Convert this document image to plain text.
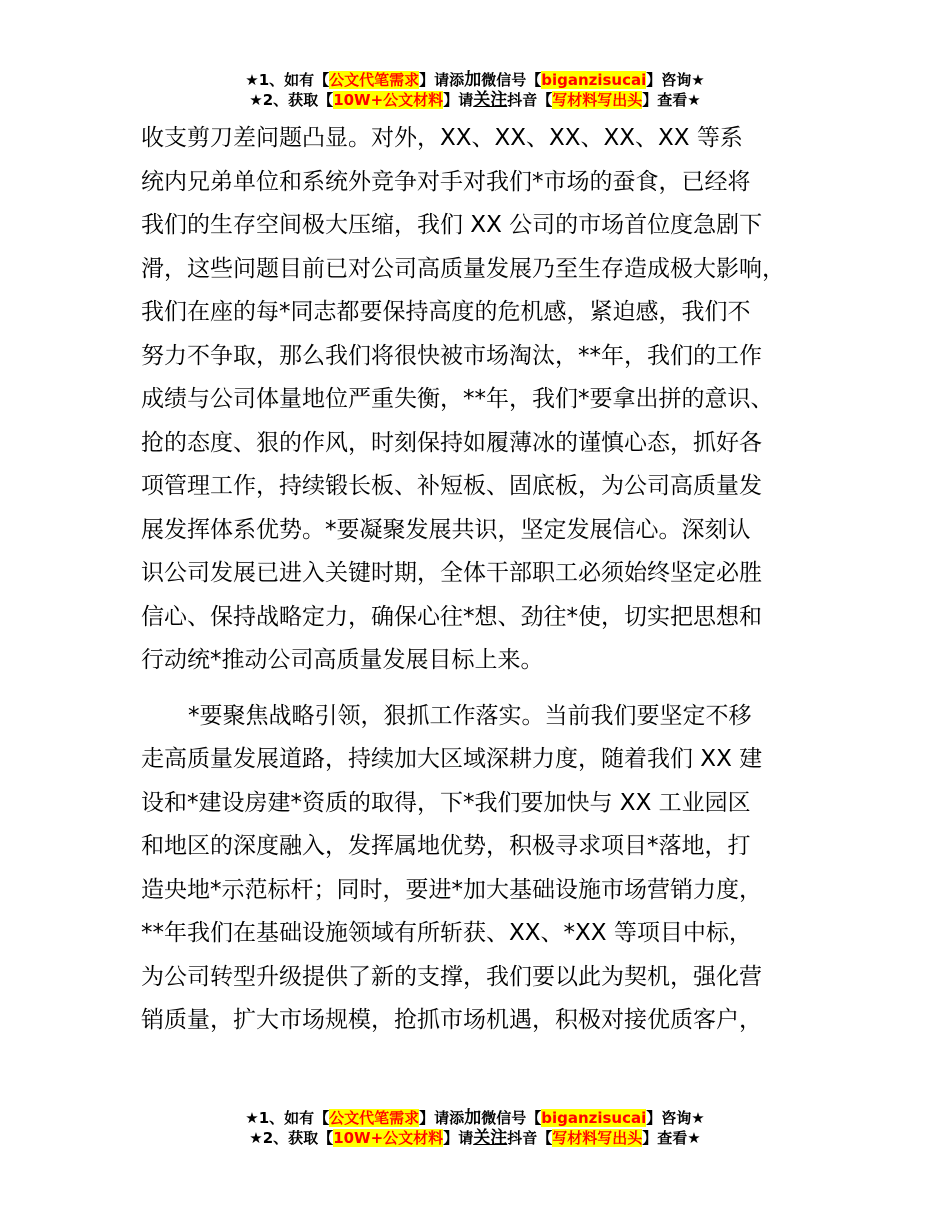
★1、如有【公文代笔需求】请添加微信号【biganzisucai】咨询★
★2、获取【10W+公文材料】请关注抖音【写材料写出头】查看★

收支剪刀差问题凸显。对外，XX、XX、XX、XX、XX 等系
统内兄弟单位和系统外竞争对手对我们*市场的蚕食，已经将
我们的生存空间极大压缩，我们 XX 公司的市场首位度急剧下
滑，这些问题目前已对公司高质量发展乃至生存造成极大影响，
我们在座的每*同志都要保持高度的危机感，紧迫感，我们不
努力不争取，那么我们将很快被市场淘汰，**年，我们的工作
成绩与公司体量地位严重失衡，**年，我们*要拿出拼的意识、
抢的态度、狠的作风，时刻保持如履薄冰的谨慎心态，抓好各
项管理工作，持续锻长板、补短板、固底板，为公司高质量发
展发挥体系优势。*要凝聚发展共识，坚定发展信心。深刻认
识公司发展已进入关键时期，全体干部职工必须始终坚定必胜
信心、保持战略定力，确保心往*想、劲往*使，切实把思想和
行动统*推动公司高质量发展目标上来。

*要聚焦战略引领，狠抓工作落实。当前我们要坚定不移
走高质量发展道路，持续加大区域深耕力度，随着我们 XX 建
设和*建设房建*资质的取得，下*我们要加快与 XX 工业园区
和地区的深度融入，发挥属地优势，积极寻求项目*落地，打
造央地*示范标杆；同时，要进*加大基础设施市场营销力度，
**年我们在基础设施领域有所斩获、XX、*XX 等项目中标，
为公司转型升级提供了新的支撑，我们要以此为契机，强化营
销质量，扩大市场规模，抢抓市场机遇，积极对接优质客户，

★1、如有【公文代笔需求】请添加微信号【biganzisucai】咨询★
★2、获取【10W+公文材料】请关注抖音【写材料写出头】查看★
